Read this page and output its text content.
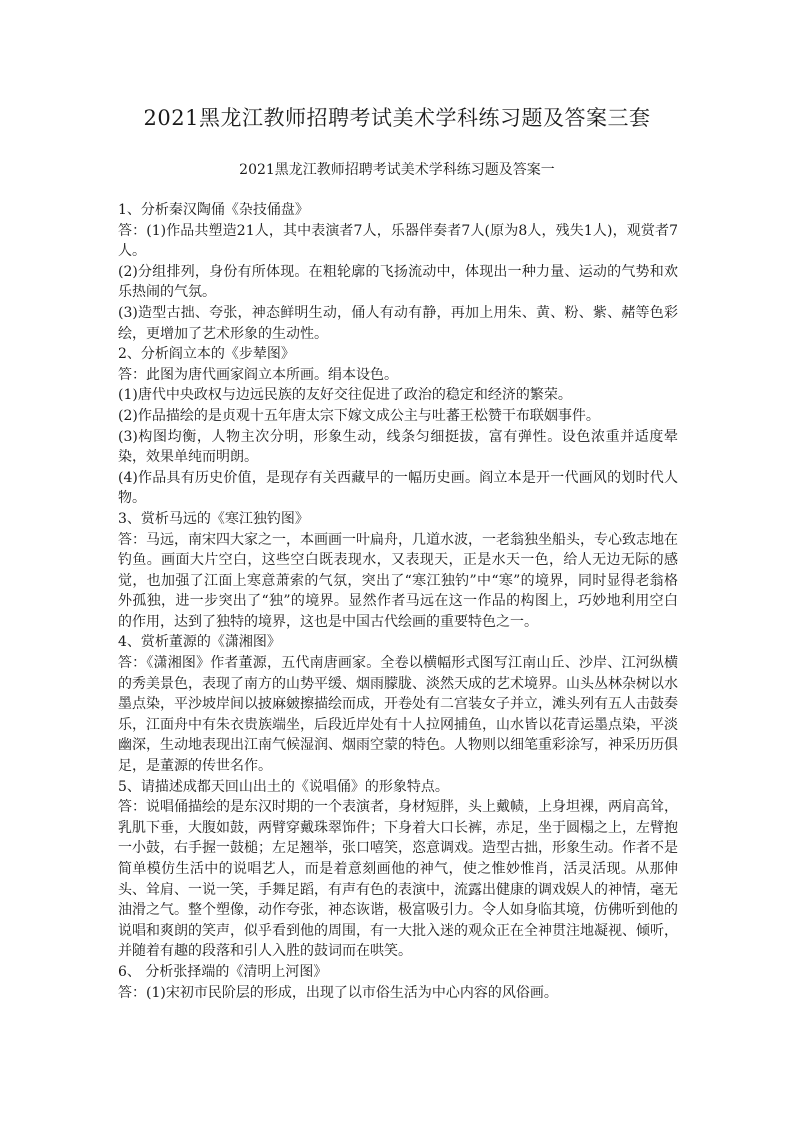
2021黑龙江教师招聘考试美术学科练习题及答案三套
2021黑龙江教师招聘考试美术学科练习题及答案一

1、分析秦汉陶俑《杂技俑盘》

答：(1)作品共塑造21人，其中表演者7人，乐器伴奏者7人(原为8人，残失1人)，观赏者7人。

(2)分组排列，身份有所体现。在粗轮廓的飞扬流动中，体现出一种力量、运动的气势和欢乐热闹的气氛。

(3)造型古拙、夸张，神态鲜明生动，俑人有动有静，再加上用朱、黄、粉、紫、赭等色彩绘，更增加了艺术形象的生动性。

2、分析阎立本的《步辇图》

答：此图为唐代画家阎立本所画。绢本设色。

(1)唐代中央政权与边远民族的友好交往促进了政治的稳定和经济的繁荣。

(2)作品描绘的是贞观十五年唐太宗下嫁文成公主与吐蕃王松赞干布联姻事件。

(3)构图均衡，人物主次分明，形象生动，线条匀细挺拔，富有弹性。设色浓重并适度晕染，效果单纯而明朗。

(4)作品具有历史价值，是现存有关西藏早的一幅历史画。阎立本是开一代画风的划时代人物。

3、赏析马远的《寒江独钓图》

答：马远，南宋四大家之一，本画画一叶扁舟，几道水波，一老翁独坐船头，专心致志地在钓鱼。画面大片空白，这些空白既表现水，又表现天，正是水天一色，给人无边无际的感觉，也加强了江面上寒意萧索的气氛，突出了“寒江独钓”中“寒”的境界，同时显得老翁格外孤独，进一步突出了“独”的境界。显然作者马远在这一作品的构图上，巧妙地利用空白的作用，达到了独特的境界，这也是中国古代绘画的重要特色之一。

4、赏析董源的《潇湘图》

答：《潇湘图》作者董源，五代南唐画家。全卷以横幅形式图写江南山丘、沙岸、江河纵横的秀美景色，表现了南方的山势平缓、烟雨朦胧、淡然天成的艺术境界。山头丛林杂树以水墨点染，平沙坡岸间以披麻皴擦描绘而成，开卷处有二宫装女子并立，滩头列有五人击鼓奏乐，江面舟中有朱衣贵族端坐，后段近岸处有十人拉网捕鱼，山水皆以花青运墨点染，平淡幽深，生动地表现出江南气候湿润、烟雨空蒙的特色。人物则以细笔重彩涂写，神采历历俱足，是董源的传世名作。

5、请描述成都天回山出土的《说唱俑》的形象特点。

答：说唱俑描绘的是东汉时期的一个表演者，身材短胖，头上戴帻，上身坦裸，两肩高耸，乳肌下垂，大腹如鼓，两臂穿戴珠翠饰件；下身着大口长裤，赤足，坐于圆榻之上，左臂抱一小鼓，右手握一鼓槌；左足翘举，张口嘻笑，恣意调戏。造型古拙，形象生动。作者不是简单模仿生活中的说唱艺人，而是着意刻画他的神气，使之惟妙惟肖，活灵活现。从那伸头、耸肩、一说一笑，手舞足蹈，有声有色的表演中，流露出健康的调戏娱人的神情，毫无油滑之气。整个塑像，动作夸张，神态诙谐，极富吸引力。令人如身临其境，仿佛听到他的说唱和爽朗的笑声，似乎看到他的周围，有一大批入迷的观众正在全神贯注地凝视、倾听，并随着有趣的段落和引人入胜的鼓词而在哄笑。

6、 分析张择端的《清明上河图》

答：(1)宋初市民阶层的形成，出现了以市俗生活为中心内容的风俗画。
